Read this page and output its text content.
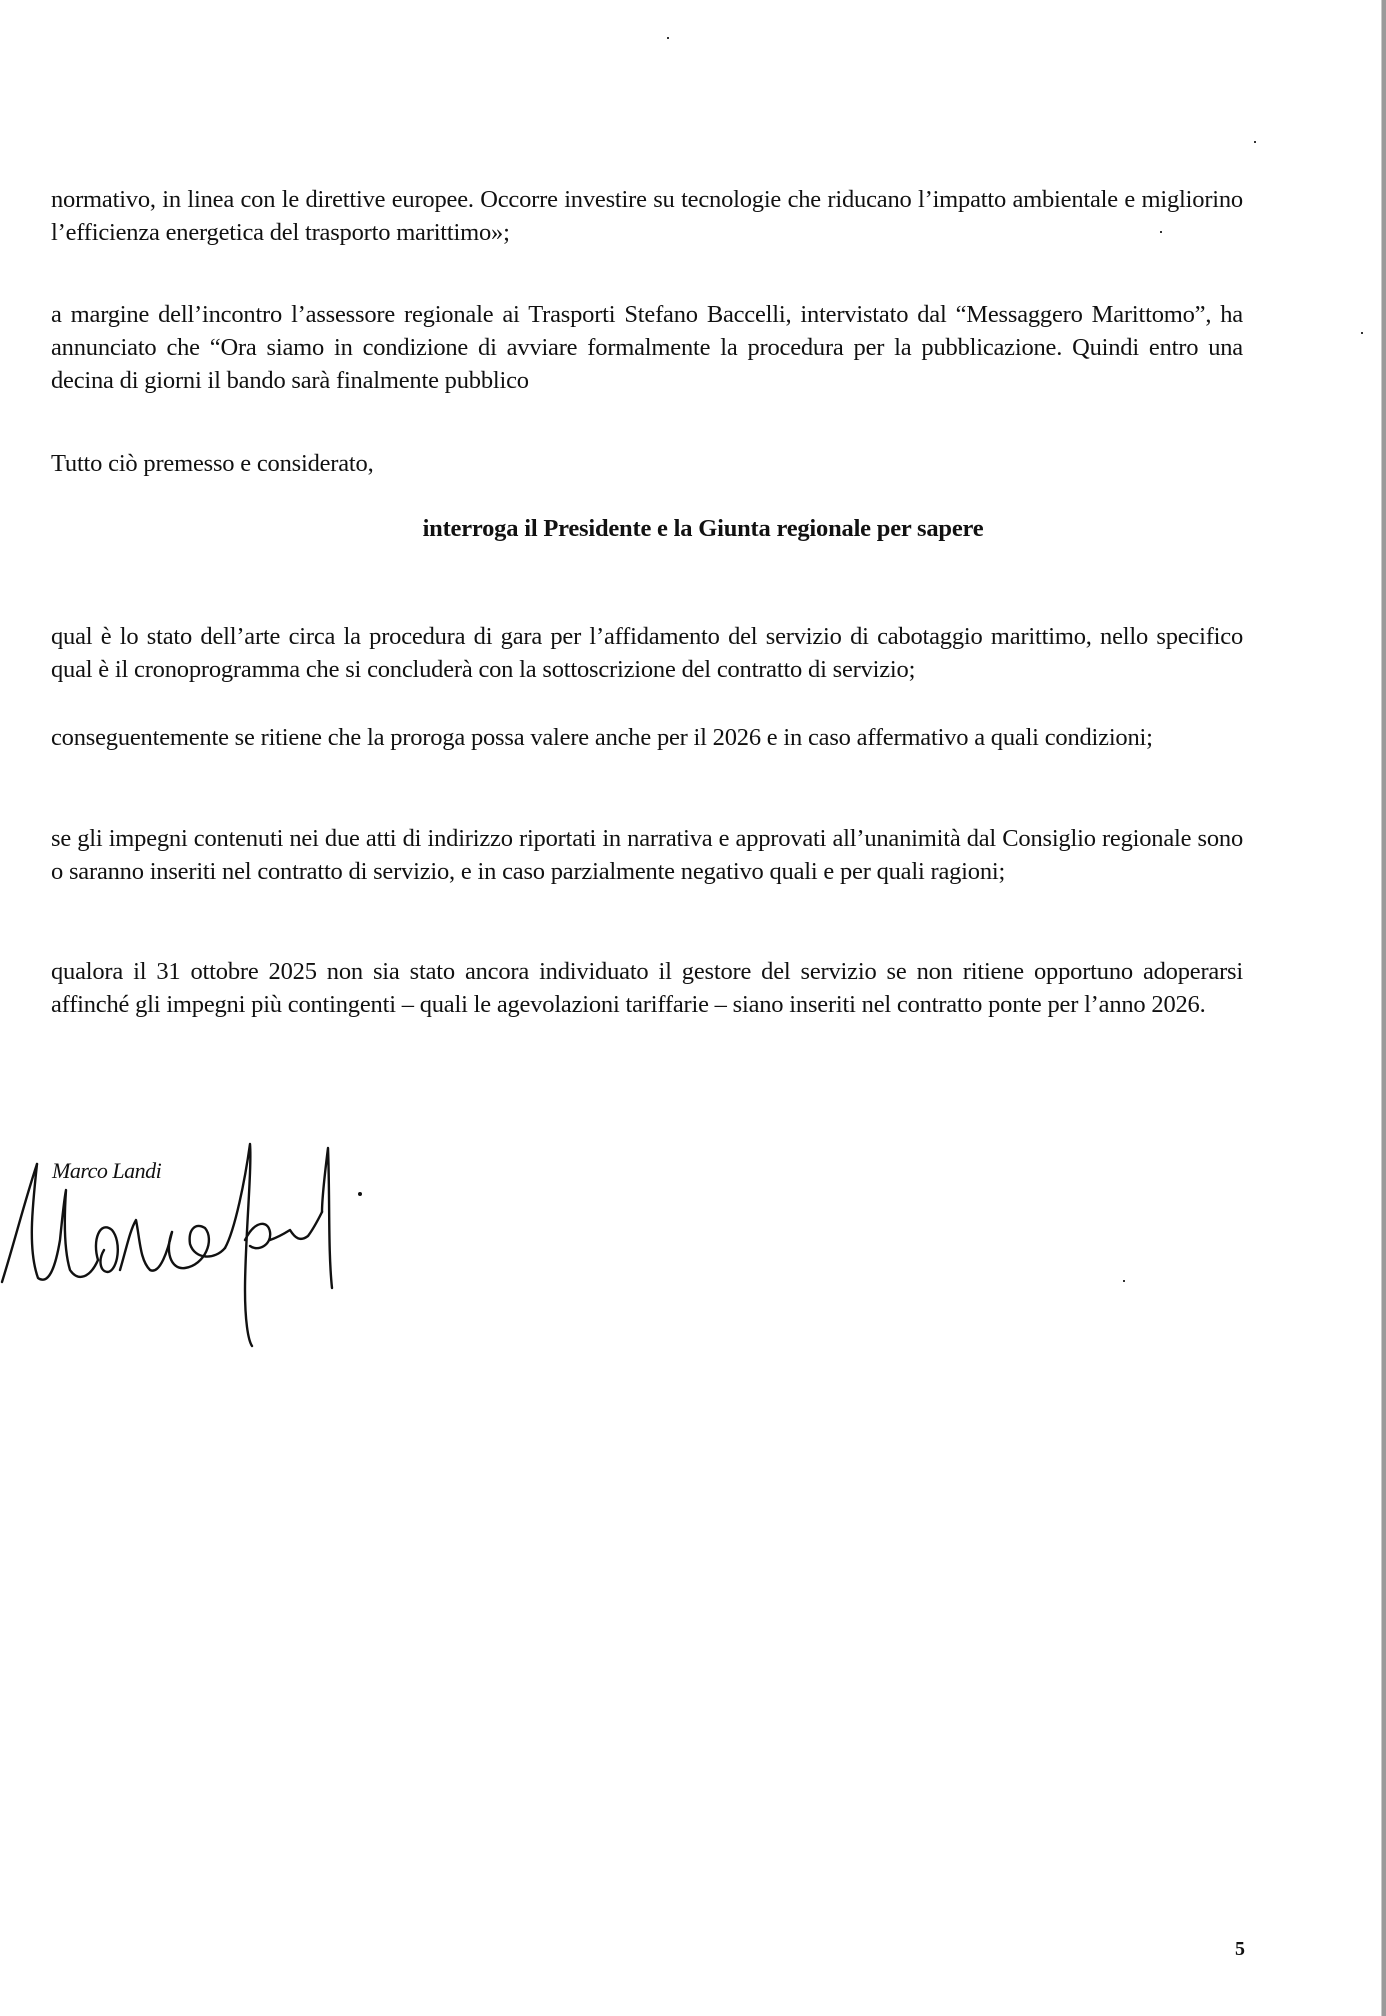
normativo, in linea con le direttive europee. Occorre investire su tecnologie che riducano l’impatto ambientale e migliorino l’efficienza energetica del trasporto marittimo»;

a margine dell’incontro l’assessore regionale ai Trasporti Stefano Baccelli, intervistato dal “Messaggero Marittomo”, ha annunciato che “Ora siamo in condizione di avviare formalmente la procedura per la pubblicazione. Quindi entro una decina di giorni il bando sarà finalmente pubblico

Tutto ciò premesso e considerato,

interroga il Presidente e la Giunta regionale per sapere

qual è lo stato dell’arte circa la procedura di gara per l’affidamento del servizio di cabotaggio marittimo, nello specifico qual è il cronoprogramma che si concluderà con la sottoscrizione del contratto di servizio;

conseguentemente se ritiene che la proroga possa valere anche per il 2026 e in caso affermativo a quali condizioni;

se gli impegni contenuti nei due atti di indirizzo riportati in narrativa e approvati all’unanimità dal Consiglio regionale sono o saranno inseriti nel contratto di servizio, e in caso parzialmente negativo quali e per quali ragioni;

qualora il 31 ottobre 2025 non sia stato ancora individuato il gestore del servizio se non ritiene opportuno adoperarsi affinché gli impegni più contingenti – quali le agevolazioni tariffarie – siano inseriti nel contratto ponte per l’anno 2026.

Marco Landi
5
